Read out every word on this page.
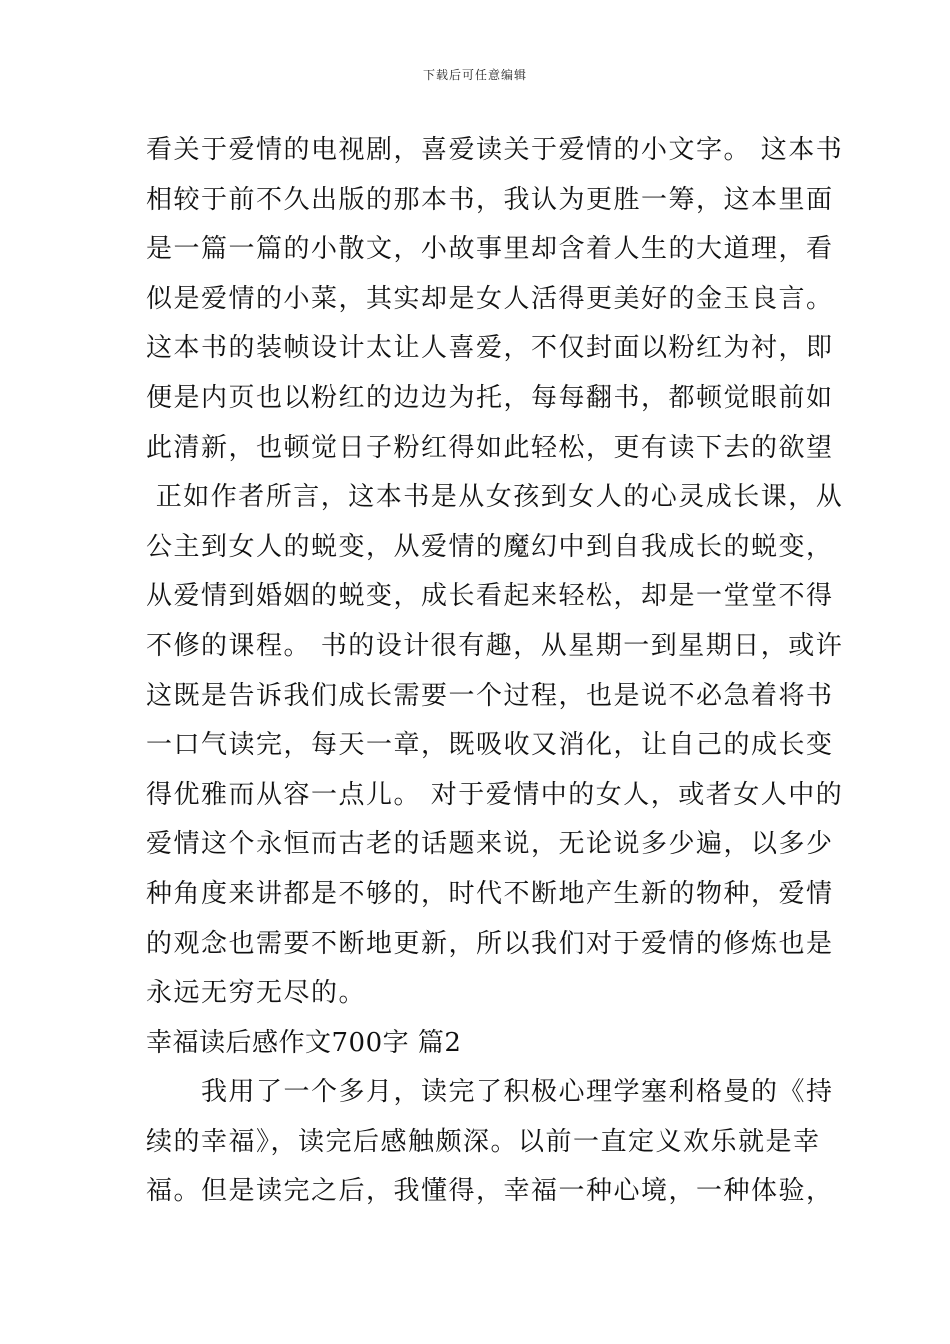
下载后可任意编辑
看关于爱情的电视剧，喜爱读关于爱情的小文字。 这本书
相较于前不久出版的那本书，我认为更胜一筹，这本里面
是一篇一篇的小散文，小故事里却含着人生的大道理，看
似是爱情的小菜，其实却是女人活得更美好的金玉良言。
这本书的装帧设计太让人喜爱，不仅封面以粉红为衬，即
便是内页也以粉红的边边为托，每每翻书，都顿觉眼前如
此清新，也顿觉日子粉红得如此轻松，更有读下去的欲望
正如作者所言，这本书是从女孩到女人的心灵成长课，从
公主到女人的蜕变，从爱情的魔幻中到自我成长的蜕变，
从爱情到婚姻的蜕变，成长看起来轻松，却是一堂堂不得
不修的课程。 书的设计很有趣，从星期一到星期日，或许
这既是告诉我们成长需要一个过程，也是说不必急着将书
一口气读完，每天一章，既吸收又消化，让自己的成长变
得优雅而从容一点儿。 对于爱情中的女人，或者女人中的
爱情这个永恒而古老的话题来说，无论说多少遍，以多少
种角度来讲都是不够的，时代不断地产生新的物种，爱情
的观念也需要不断地更新，所以我们对于爱情的修炼也是
永远无穷无尽的。
幸福读后感作文700字 篇2
　　我用了一个多月，读完了积极心理学塞利格曼的《持
续的幸福》，读完后感触颇深。以前一直定义欢乐就是幸
福。但是读完之后，我懂得，幸福一种心境，一种体验，
